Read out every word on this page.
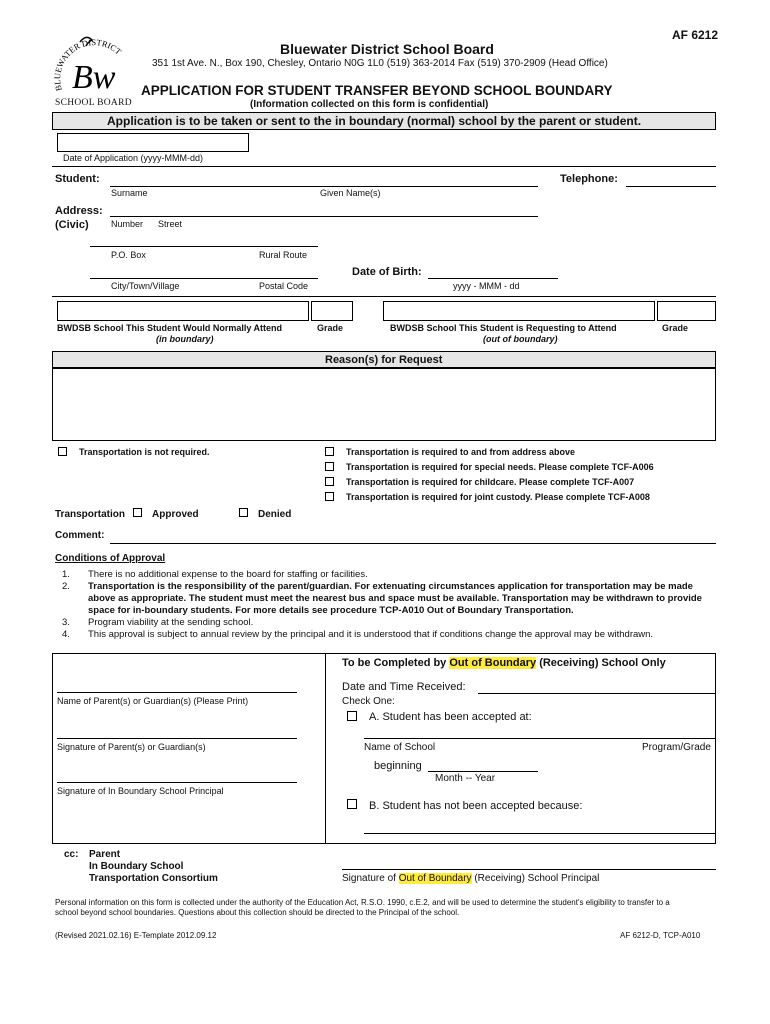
AF 6212
BLUEWATER DISTRICT
Bw
SCHOOL BOARD
Bluewater District School Board
351 1st Ave. N., Box 190, Chesley, Ontario N0G 1L0 (519) 363-2014 Fax (519) 370-2909 (Head Office)
APPLICATION FOR STUDENT TRANSFER BEYOND SCHOOL BOUNDARY
(Information collected on this form is confidential)
Application is to be taken or sent to the in boundary (normal) school by the parent or student.
Date of Application (yyyy-MMM-dd)
Student:	Telephone:
Surname	Given Name(s)
Address:
(Civic) Number Street
P.O. Box	Rural Route
Date of Birth:
City/Town/Village	Postal Code	yyyy - MMM - dd
BWDSB School This Student Would Normally Attend
(in boundary)
Grade	BWDSB School This Student is Requesting to Attend
(out of boundary)
Grade
Reason(s) for Request
Transportation is not required.	Transportation is required to and from address above
Transportation is required for special needs. Please complete TCF-A006
Transportation is required for childcare. Please complete TCF-A007
Transportation is required for joint custody. Please complete TCF-A008
Transportation	Approved	Denied
Comment:
Conditions of Approval
1.	There is no additional expense to the board for staffing or facilities.
2.	Transportation is the responsibility of the parent/guardian. For extenuating circumstances application for transportation may be made above as appropriate. The student must meet the nearest bus and space must be available. Transportation may be withdrawn to provide space for in-boundary students. For more details see procedure TCP-A010 Out of Boundary Transportation.
3.	Program viability at the sending school.
4.	This approval is subject to annual review by the principal and it is understood that if conditions change the approval may be withdrawn.
Name of Parent(s) or Guardian(s) (Please Print)
Signature of Parent(s) or Guardian(s)
Signature of In Boundary School Principal
To be Completed by Out of Boundary (Receiving) School Only
Date and Time Received:
Check One:
A. Student has been accepted at:
Name of School	Program/Grade
beginning
Month -- Year
B. Student has not been accepted because:
cc: Parent
In Boundary School
Transportation Consortium	Signature of Out of Boundary (Receiving) School Principal
Personal information on this form is collected under the authority of the Education Act, R.S.O. 1990, c.E.2, and will be used to determine the student's eligibility to transfer to a school beyond school boundaries. Questions about this collection should be directed to the Principal of the school.
(Revised 2021.02.16) E-Template 2012.09.12	AF 6212-D, TCP-A010
